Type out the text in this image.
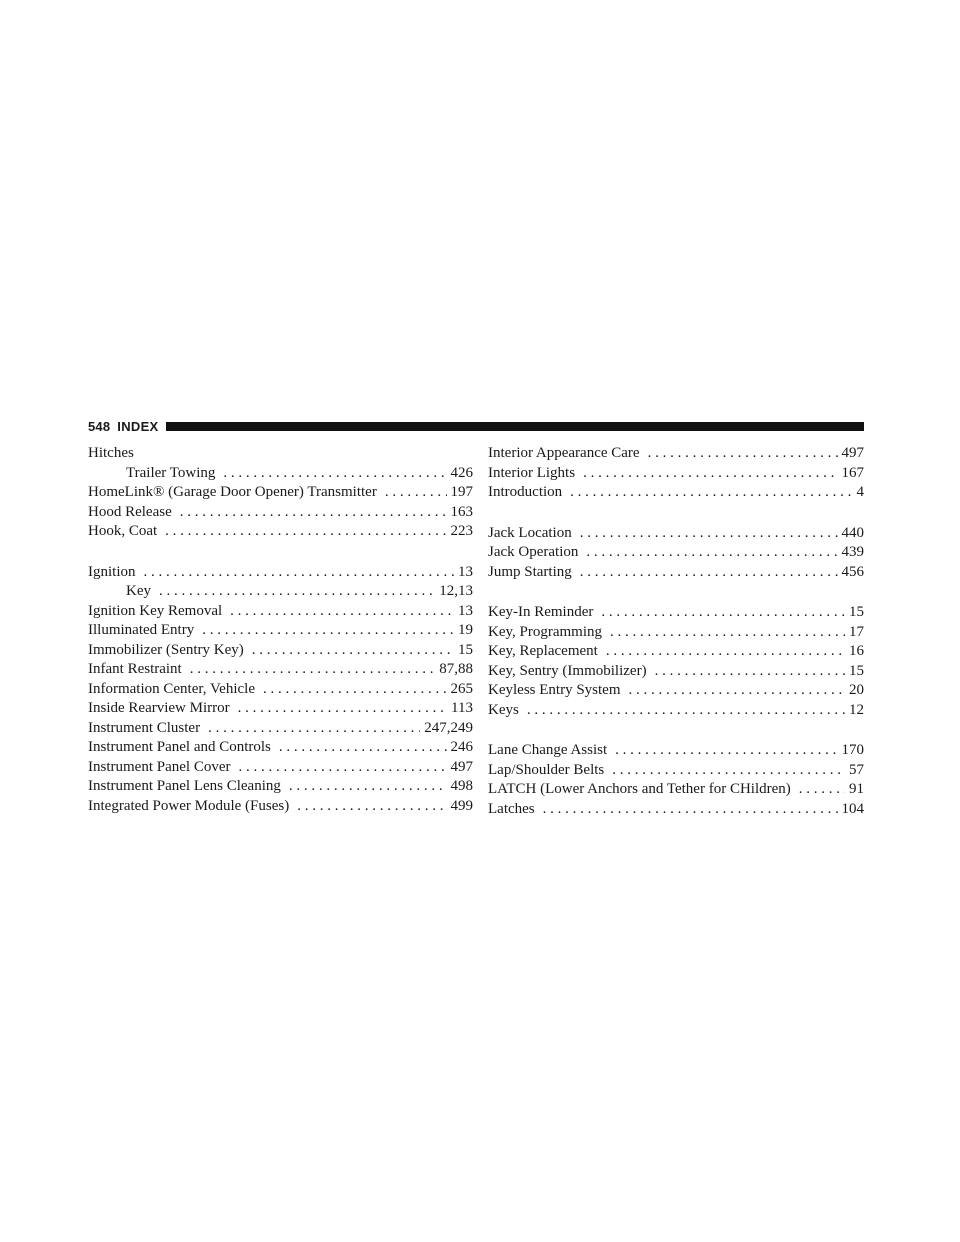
548 INDEX
Hitches
Trailer Towing . . .	426
HomeLink® (Garage Door Opener) Transmitter . . .	197
Hood Release . . .	163
Hook, Coat . . .	223
Ignition . . .	13
Key . . .	12,13
Ignition Key Removal . . .	13
Illuminated Entry . . .	19
Immobilizer (Sentry Key) . . .	15
Infant Restraint . . .	87,88
Information Center, Vehicle . . .	265
Inside Rearview Mirror . . .	113
Instrument Cluster . . .	247,249
Instrument Panel and Controls . . .	246
Instrument Panel Cover . . .	497
Instrument Panel Lens Cleaning . . .	498
Integrated Power Module (Fuses) . . .	499
Interior Appearance Care . . .	497
Interior Lights . . .	167
Introduction . . .	4
Jack Location . . .	440
Jack Operation . . .	439
Jump Starting . . .	456
Key-In Reminder . . .	15
Key, Programming . . .	17
Key, Replacement . . .	16
Key, Sentry (Immobilizer) . . .	15
Keyless Entry System . . .	20
Keys . . .	12
Lane Change Assist . . .	170
Lap/Shoulder Belts . . .	57
LATCH (Lower Anchors and Tether for CHildren) . . .	91
Latches . . .	104
